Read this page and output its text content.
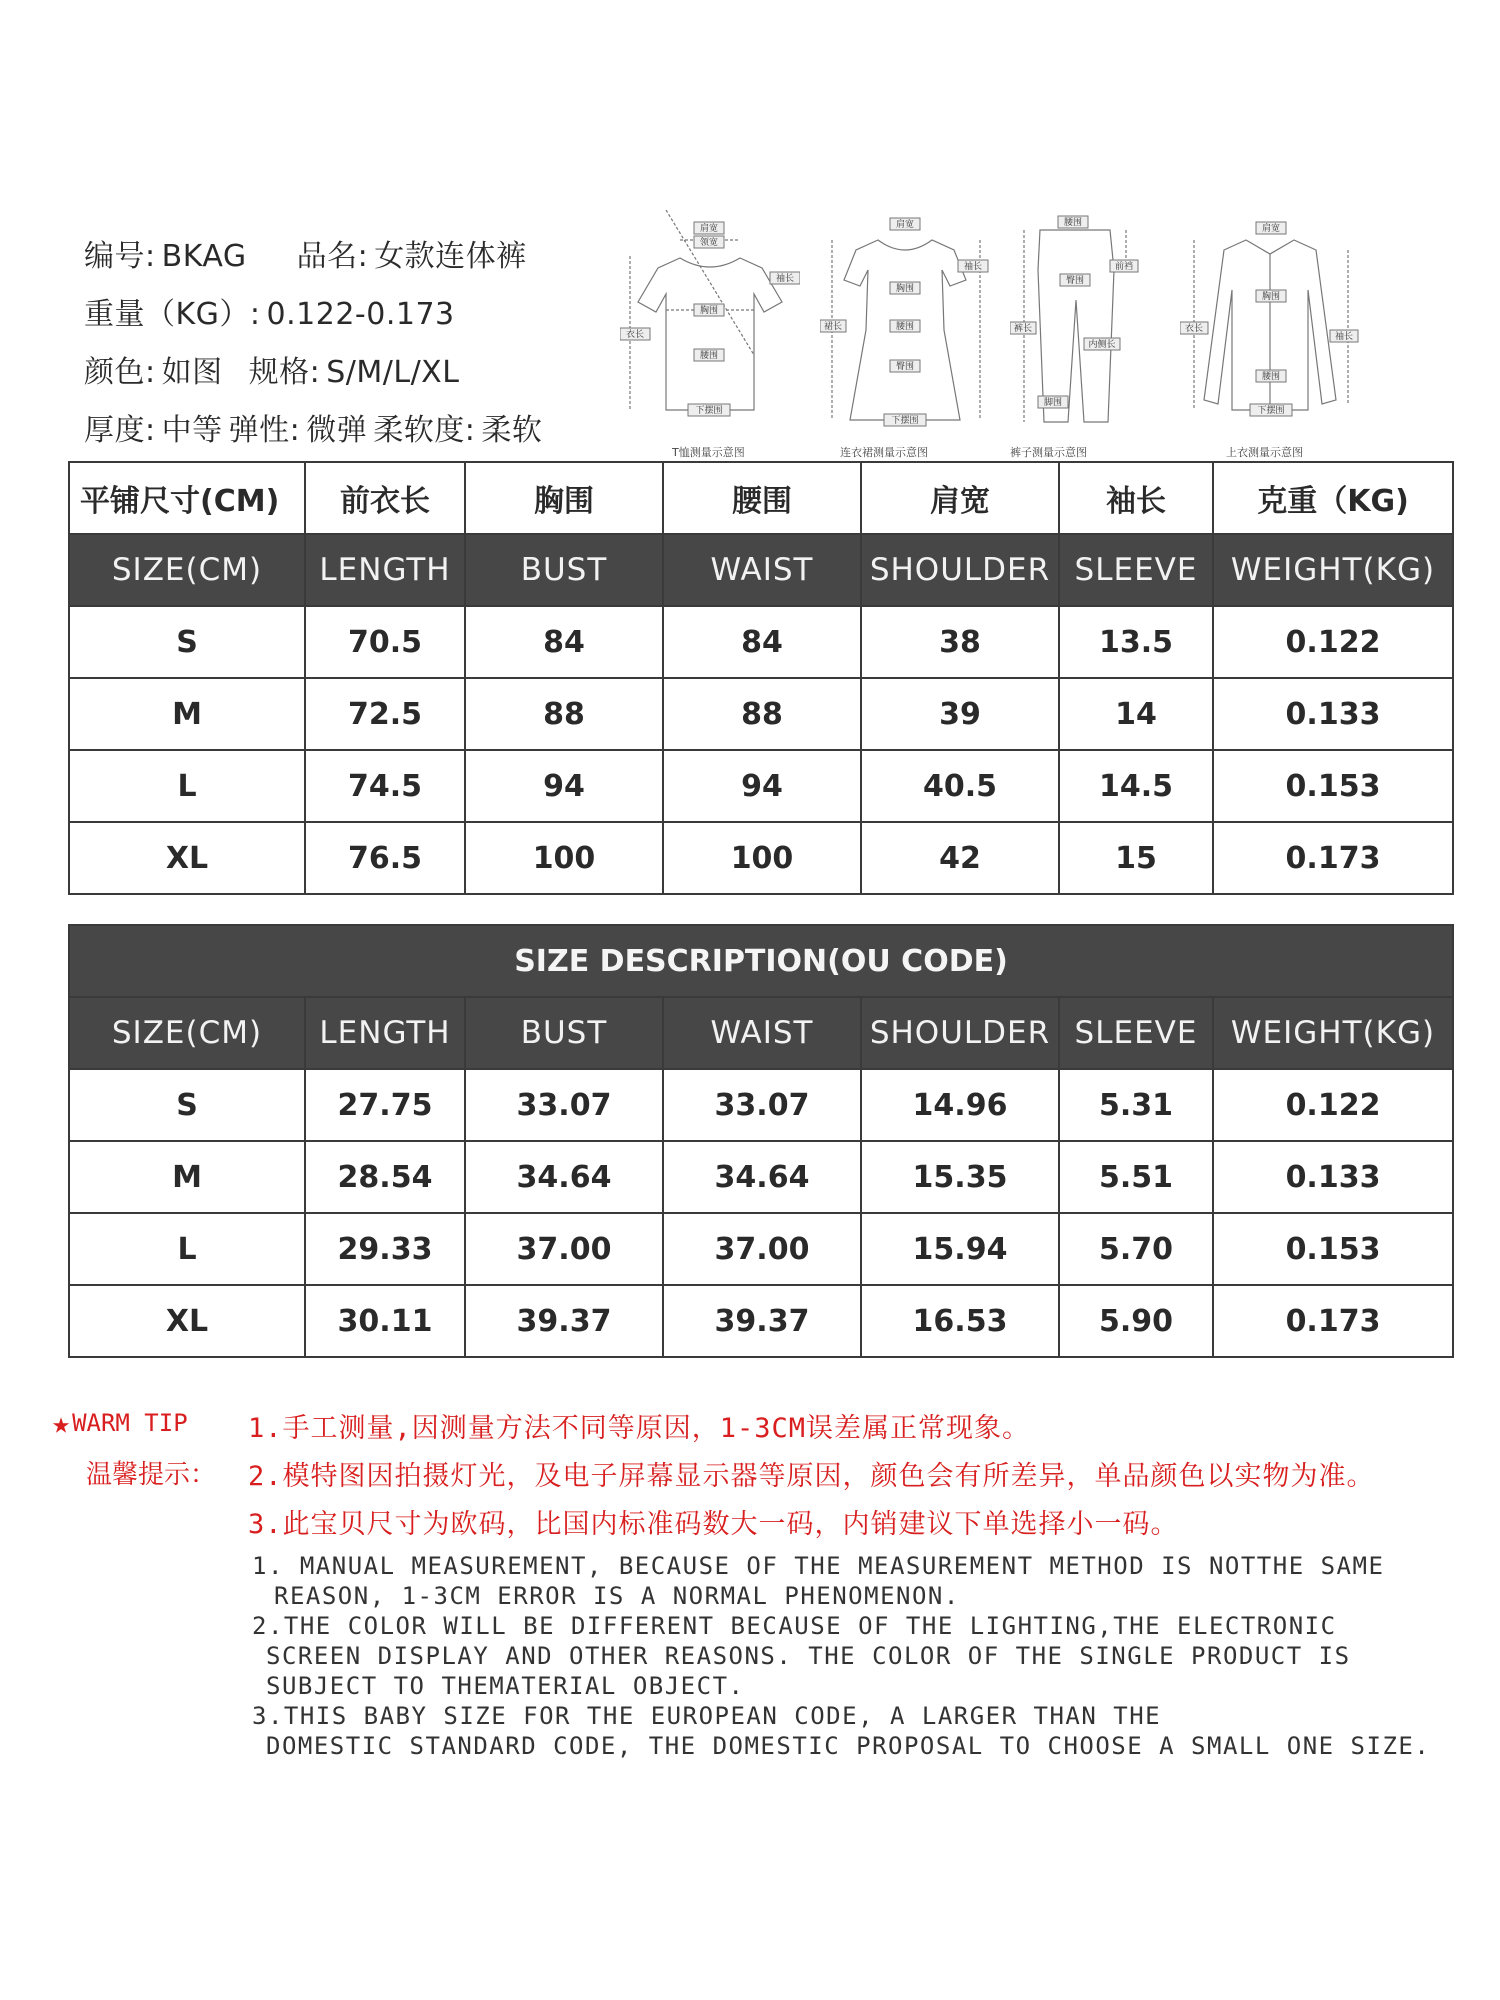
编号: BKAG 品名: 女款连体裤
重量（KG）: 0.122-0.173
颜色: 如图 规格: S/M/L/XL
厚度: 中等 弹性: 微弹 柔软度: 柔软
肩宽
领宽
袖长
衣长
胸围
腰围
下摆围
T恤测量示意图
肩宽
袖长
胸围
裙长	腰围
臀围
下摆围
连衣裙测量示意图
腰围
前裆
臀围
裤长
内侧长
脚围
裤子测量示意图
肩宽
胸围
衣长
袖长
腰围
下摆围
上衣测量示意图
平铺尺寸(CM)	前衣长	胸围	腰围	肩宽	袖长	克重（KG)
SIZE(CM)	LENGTH	BUST	WAIST	SHOULDER	SLEEVE	WEIGHT(KG)
S	70.5	84	84	38	13.5	0.122
M	72.5	88	88	39	14	0.133
L	74.5	94	94	40.5	14.5	0.153
XL	76.5	100	100	42	15	0.173
SIZE DESCRIPTION(OU CODE)						
SIZE(CM)	LENGTH	BUST	WAIST	SHOULDER	SLEEVE	WEIGHT(KG)
S	27.75	33.07	33.07	14.96	5.31	0.122
M	28.54	34.64	34.64	15.35	5.51	0.133
L	29.33	37.00	37.00	15.94	5.70	0.153
XL	30.11	39.37	39.37	16.53	5.90	0.173
★WARM TIP
温馨提示：
1.手工测量,因测量方法不同等原因，1-3CM误差属正常现象。
2.模特图因拍摄灯光，及电子屏幕显示器等原因，颜色会有所差异，单品颜色以实物为准。
3.此宝贝尺寸为欧码，比国内标准码数大一码，内销建议下单选择小一码。
1. MANUAL MEASUREMENT, BECAUSE OF THE MEASUREMENT METHOD IS NOTTHE SAME
REASON, 1-3CM ERROR IS A NORMAL PHENOMENON.
2.THE COLOR WILL BE DIFFERENT BECAUSE OF THE LIGHTING,THE ELECTRONIC
SCREEN DISPLAY AND OTHER REASONS. THE COLOR OF THE SINGLE PRODUCT IS
SUBJECT TO THEMATERIAL OBJECT.
3.THIS BABY SIZE FOR THE EUROPEAN CODE, A LARGER THAN THE
DOMESTIC STANDARD CODE, THE DOMESTIC PROPOSAL TO CHOOSE A SMALL ONE SIZE.
